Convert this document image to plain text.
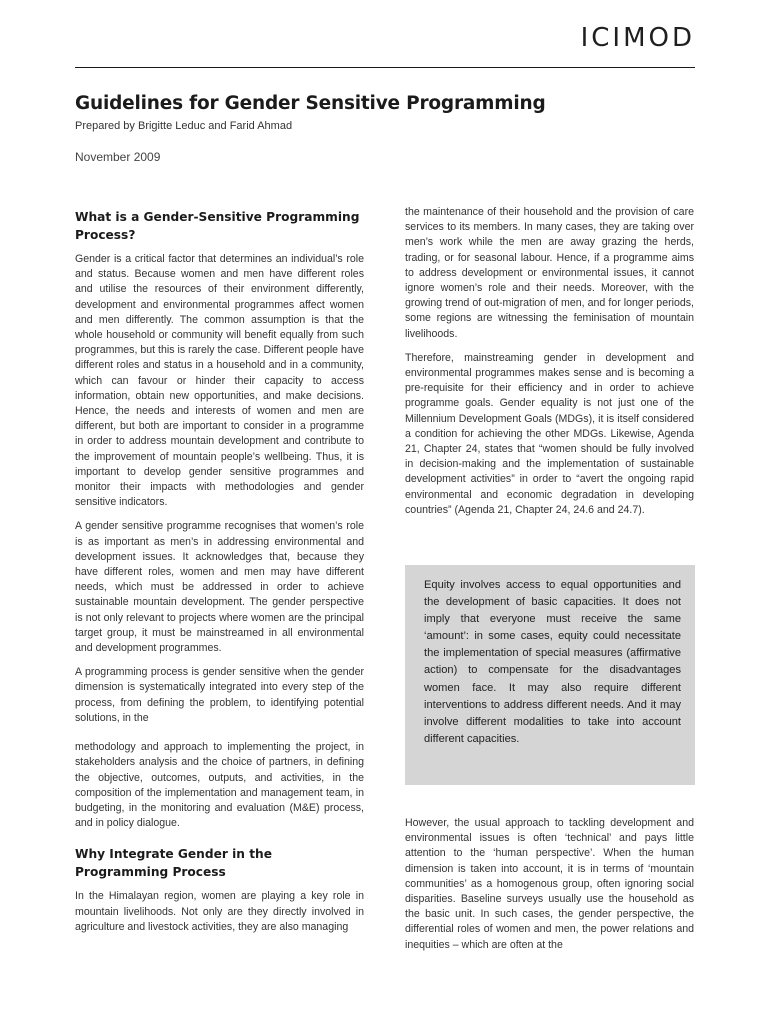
ICIMOD
Guidelines for Gender Sensitive Programming
Prepared by Brigitte Leduc and Farid Ahmad
November 2009
What is a Gender-Sensitive Programming Process?

Gender is a critical factor that determines an individual’s role and status. Because women and men have different roles and utilise the resources of their environment differently, development and environmental programmes affect women and men differently. The common assumption is that the whole household or community will benefit equally from such programmes, but this is rarely the case. Different people have different roles and status in a household and in a community, which can favour or hinder their capacity to access information, obtain new opportunities, and make decisions. Hence, the needs and interests of women and men are different, but both are important to consider in a programme in order to address mountain development and contribute to the improvement of mountain people’s wellbeing. Thus, it is important to develop gender sensitive programmes and monitor their impacts with methodologies and gender sensitive indicators.

A gender sensitive programme recognises that women’s role is as important as men’s in addressing environmental and development issues. It acknowledges that, because they have different roles, women and men may have different needs, which must be addressed in order to achieve sustainable mountain development. The gender perspective is not only relevant to projects where women are the principal target group, it must be mainstreamed in all environmental and development programmes.

A programming process is gender sensitive when the gender dimension is systematically integrated into every step of the process, from defining the problem, to identifying potential solutions, in the

methodology and approach to implementing the project, in stakeholders analysis and the choice of partners, in defining the objective, outcomes, outputs, and activities, in the composition of the implementation and management team, in budgeting, in the monitoring and evaluation (M&E) process, and in policy dialogue.

Why Integrate Gender in the Programming Process

In the Himalayan region, women are playing a key role in mountain livelihoods. Not only are they directly involved in agriculture and livestock activities, they are also managing

the maintenance of their household and the provision of care services to its members. In many cases, they are taking over men’s work while the men are away grazing the herds, trading, or for seasonal labour. Hence, if a programme aims to address development or environmental issues, it cannot ignore women’s role and their needs. Moreover, with the growing trend of out-migration of men, and for longer periods, some regions are witnessing the feminisation of mountain livelihoods.

Therefore, mainstreaming gender in development and environmental programmes makes sense and is becoming a pre-requisite for their efficiency and in order to achieve programme goals. Gender equality is not just one of the Millennium Development Goals (MDGs), it is itself considered a condition for achieving the other MDGs. Likewise, Agenda 21, Chapter 24, states that “women should be fully involved in decision-making and the implementation of sustainable development activities” in order to “avert the ongoing rapid environmental and economic degradation in developing countries” (Agenda 21, Chapter 24, 24.6 and 24.7).

Equity involves access to equal opportunities and the development of basic capacities. It does not imply that everyone must receive the same ‘amount’: in some cases, equity could necessitate the implementation of special measures (affirmative action) to compensate for the disadvantages women face. It may also require different interventions to address different needs. And it may involve different modalities to take into account different capacities.

However, the usual approach to tackling development and environmental issues is often ‘technical’ and pays little attention to the ‘human perspective’. When the human dimension is taken into account, it is in terms of ‘mountain communities’ as a homogenous group, often ignoring social disparities. Baseline surveys usually use the household as the basic unit. In such cases, the gender perspective, the differential roles of women and men, the power relations and inequities – which are often at the
